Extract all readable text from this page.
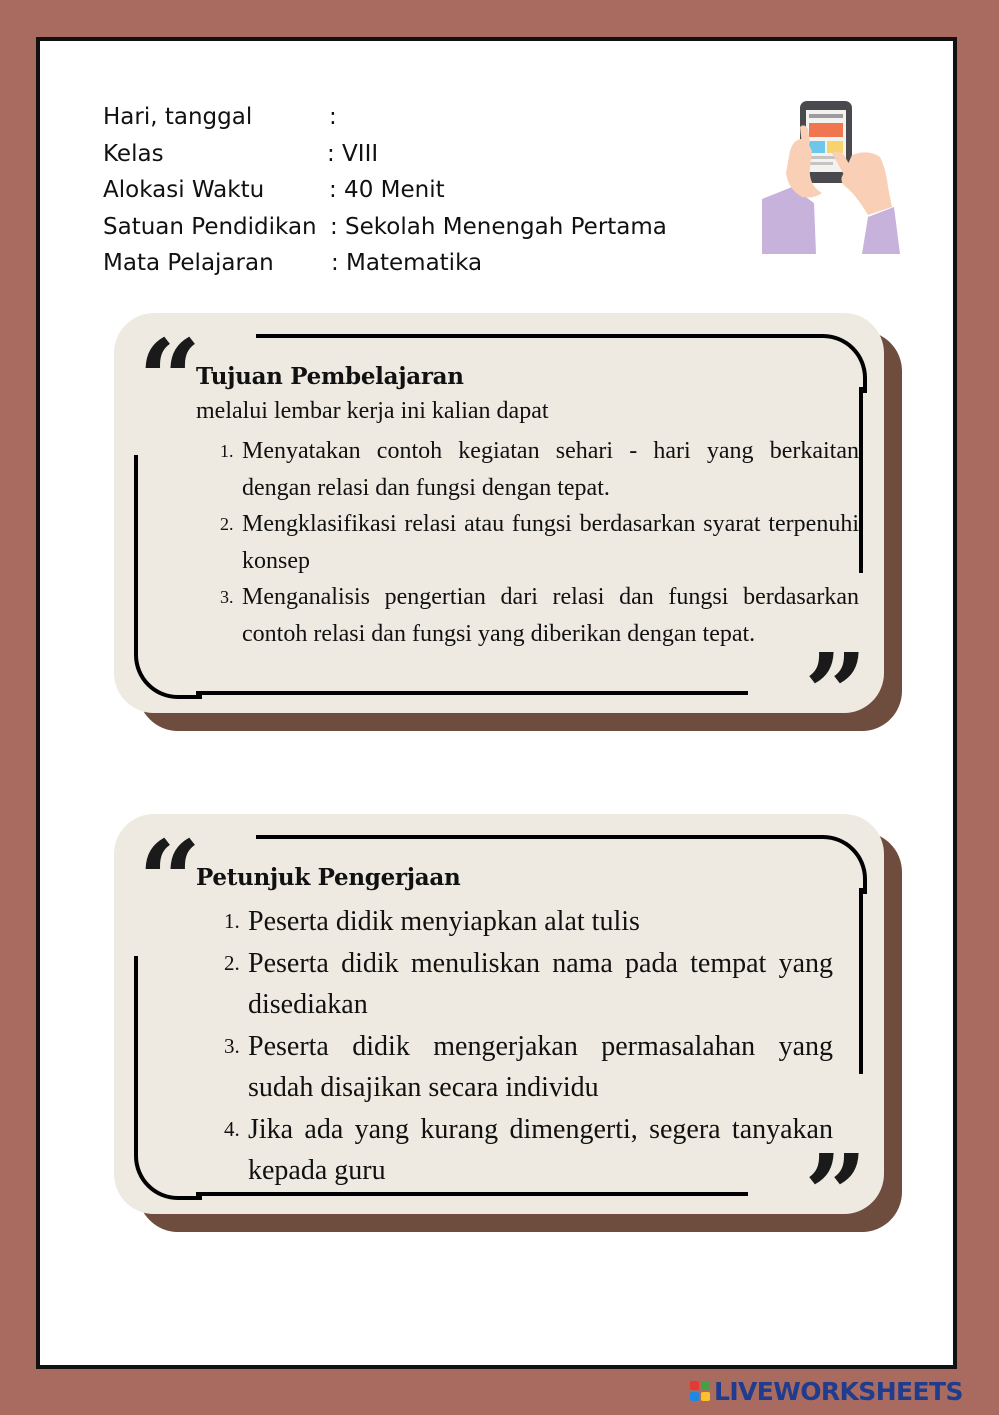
Hari, tanggal	:
Kelas	: VIII
Alokasi Waktu	: 40 Menit
Satuan Pendidikan : Sekolah Menengah Pertama
Mata Pelajaran : Matematika
“
”
Tujuan Pembelajaran
melalui lembar kerja ini kalian dapat
1. Menyatakan contoh kegiatan sehari - hari yang berkaitan dengan relasi dan fungsi dengan tepat.
2. Mengklasifikasi relasi atau fungsi berdasarkan syarat terpenuhi konsep
3. Menganalisis pengertian dari relasi dan fungsi berdasarkan contoh relasi dan fungsi yang diberikan dengan tepat.
“
”
Petunjuk Pengerjaan
1. Peserta didik menyiapkan alat tulis
2. Peserta didik menuliskan nama pada tempat yang disediakan
3. Peserta didik mengerjakan permasalahan yang sudah disajikan secara individu
4. Jika ada yang kurang dimengerti, segera tanyakan kepada guru
LIVEWORKSHEETS
